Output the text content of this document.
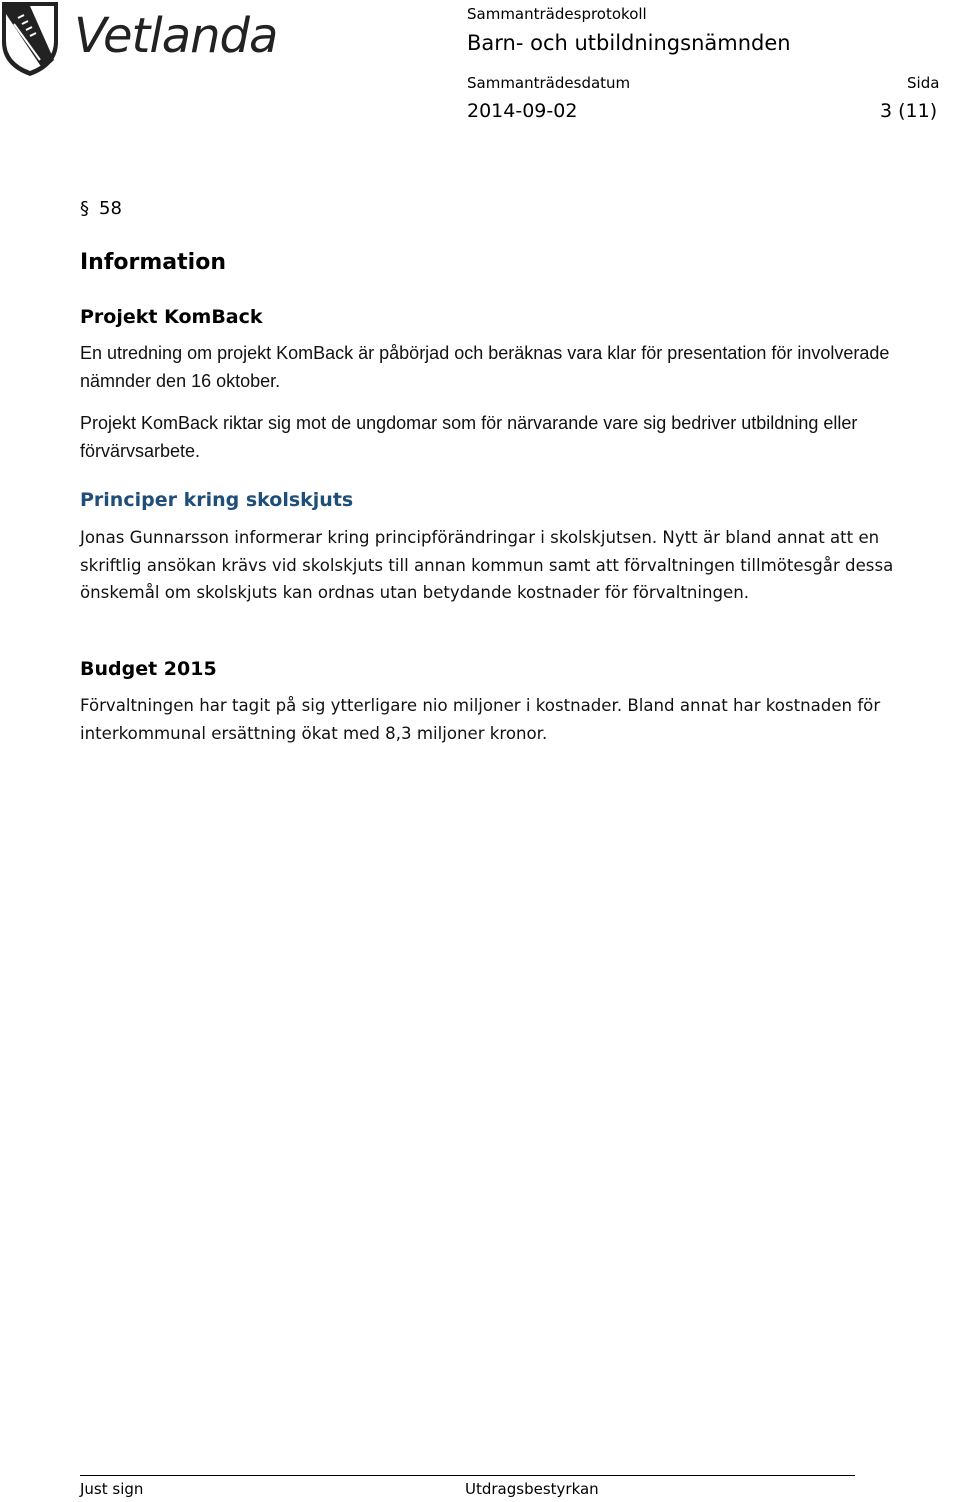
Vetlanda	Sammanträdesprotokoll
Barn- och utbildningsnämnden
Sammanträdesdatum	Sida
2014-09-02	3 (11)
§ 58
Information
Projekt KomBack
En utredning om projekt KomBack är påbörjad och beräknas vara klar för presentation för involverade nämnder den 16 oktober.
Projekt KomBack riktar sig mot de ungdomar som för närvarande vare sig bedriver utbildning eller förvärvsarbete.
Principer kring skolskjuts
Jonas Gunnarsson informerar kring principförändringar i skolskjutsen. Nytt är bland annat att en skriftlig ansökan krävs vid skolskjuts till annan kommun samt att förvaltningen tillmötesgår dessa önskemål om skolskjuts kan ordnas utan betydande kostnader för förvaltningen.
Budget 2015
Förvaltningen har tagit på sig ytterligare nio miljoner i kostnader. Bland annat har kostnaden för interkommunal ersättning ökat med 8,3 miljoner kronor.
Just sign	Utdragsbestyrkan
